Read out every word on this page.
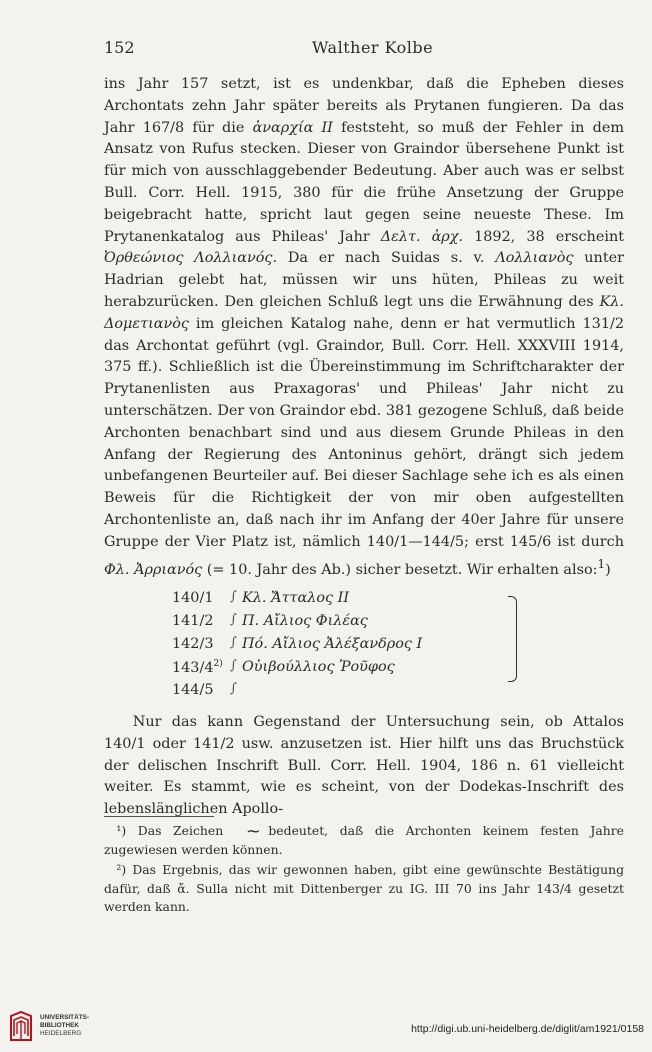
152	Walther Kolbe

ins Jahr 157 setzt, ist es undenkbar, daß die Epheben dieses Archontats zehn Jahr später bereits als Prytanen fungieren. Da das Jahr 167/8 für die ἀναρχία ΙΙ feststeht, so muß der Fehler in dem Ansatz von Rufus stecken. Dieser von Graindor übersehene Punkt ist für mich von ausschlaggebender Bedeutung. Aber auch was er selbst Bull. Corr. Hell. 1915, 380 für die frühe Ansetzung der Gruppe beigebracht hatte, spricht laut gegen seine neueste These. Im Prytanenkatalog aus Phileas' Jahr Δελτ. ἀρχ. 1892, 38 erscheint Ὀρθεώνιος Λολλιανός. Da er nach Suidas s. v. Λολλιανὸς unter Hadrian gelebt hat, müssen wir uns hüten, Phileas zu weit herabzurücken. Den gleichen Schluß legt uns die Erwähnung des Κλ. Δομετιανὸς im gleichen Katalog nahe, denn er hat vermutlich 131/2 das Archontat geführt (vgl. Graindor, Bull. Corr. Hell. XXXVIII 1914, 375 ff.). Schließlich ist die Übereinstimmung im Schriftcharakter der Prytanenlisten aus Praxagoras' und Phileas' Jahr nicht zu unterschätzen. Der von Graindor ebd. 381 gezogene Schluß, daß beide Archonten benachbart sind und aus diesem Grunde Phileas in den Anfang der Regierung des Antoninus gehört, drängt sich jedem unbefangenen Beurteiler auf. Bei dieser Sachlage sehe ich es als einen Beweis für die Richtigkeit der von mir oben aufgestellten Archontenliste an, daß nach ihr im Anfang der 40er Jahre für unsere Gruppe der Vier Platz ist, nämlich 140/1—144/5; erst 145/6 ist durch Φλ. Ἀρριανός (= 10. Jahr des Ab.) sicher besetzt. Wir erhalten also:$^1$)

140/1	∫ Κλ. Ἄτταλος ΙΙ
141/2	∫ Π. Αἴλιος Φιλέας
142/3	∫ Πό. Αἴλιος Ἀλέξανδρος Ι
143/4$^{2)}$ ∫ Οὐιβούλλιος Ῥοῦφος
144/5	∫

Nur das kann Gegenstand der Untersuchung sein, ob Attalos 140/1 oder 141/2 usw. anzusetzen ist. Hier hilft uns das Bruchstück der delischen Inschrift Bull. Corr. Hell. 1904, 186 n. 61 vielleicht weiter. Es stammt, wie es scheint, von der Dodekas-Inschrift des lebenslänglichen Apollo-

¹) Das Zeichen ⁓ bedeutet, daß die Archonten keinem festen Jahre zugewiesen werden können.

²) Das Ergebnis, das wir gewonnen haben, gibt eine gewünschte Bestätigung dafür, daß ἄ. Sulla nicht mit Dittenberger zu IG. III 70 ins Jahr 143/4 gesetzt werden kann.

UNIVERSITÄTS-
BIBLIOTHEK
HEIDELBERG	http://digi.ub.uni-heidelberg.de/diglit/am1921/0158
